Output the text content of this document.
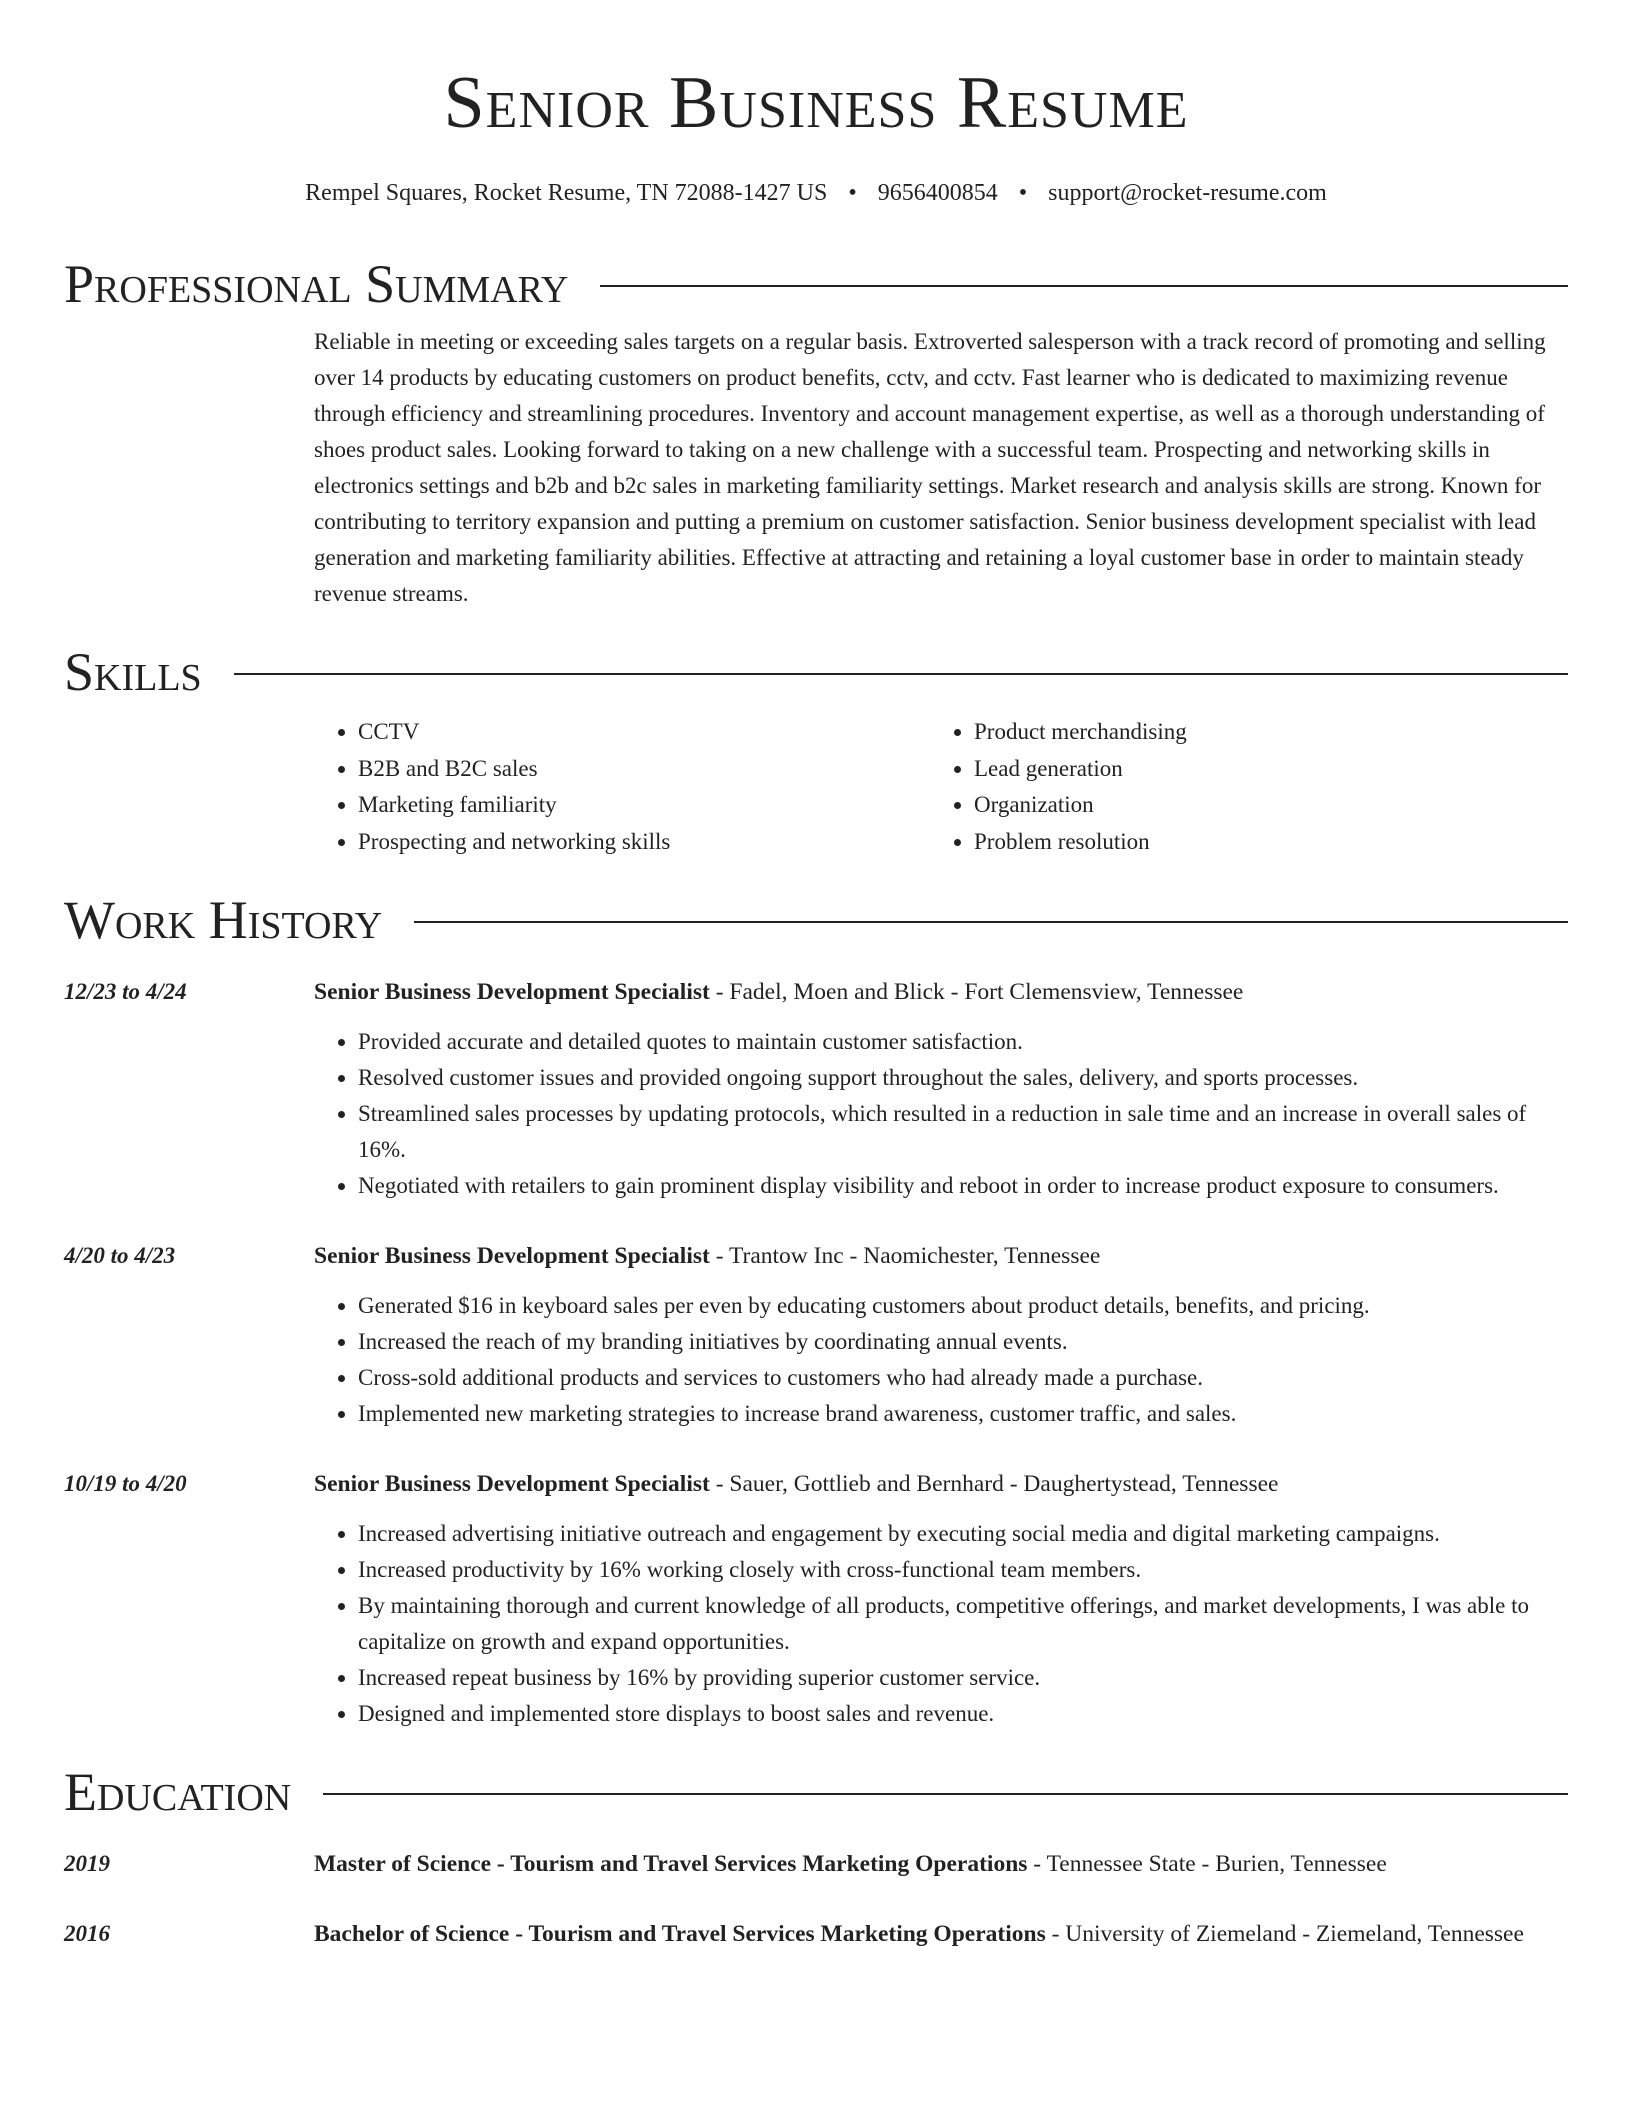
Senior Business Resume
Rempel Squares, Rocket Resume, TN 72088-1427 US • 9656400854 • support@rocket-resume.com
Professional Summary
Reliable in meeting or exceeding sales targets on a regular basis. Extroverted salesperson with a track record of promoting and selling over 14 products by educating customers on product benefits, cctv, and cctv. Fast learner who is dedicated to maximizing revenue through efficiency and streamlining procedures. Inventory and account management expertise, as well as a thorough understanding of shoes product sales. Looking forward to taking on a new challenge with a successful team. Prospecting and networking skills in electronics settings and b2b and b2c sales in marketing familiarity settings. Market research and analysis skills are strong. Known for contributing to territory expansion and putting a premium on customer satisfaction. Senior business development specialist with lead generation and marketing familiarity abilities. Effective at attracting and retaining a loyal customer base in order to maintain steady revenue streams.
Skills
• CCTV
• B2B and B2C sales
• Marketing familiarity
• Prospecting and networking skills
• Product merchandising
• Lead generation
• Organization
• Problem resolution
Work History
12/23 to 4/24	Senior Business Development Specialist - Fadel, Moen and Blick - Fort Clemensview, Tennessee
• Provided accurate and detailed quotes to maintain customer satisfaction.
• Resolved customer issues and provided ongoing support throughout the sales, delivery, and sports processes.
• Streamlined sales processes by updating protocols, which resulted in a reduction in sale time and an increase in overall sales of 16%.
• Negotiated with retailers to gain prominent display visibility and reboot in order to increase product exposure to consumers.
4/20 to 4/23	Senior Business Development Specialist - Trantow Inc - Naomichester, Tennessee
• Generated $16 in keyboard sales per even by educating customers about product details, benefits, and pricing.
• Increased the reach of my branding initiatives by coordinating annual events.
• Cross-sold additional products and services to customers who had already made a purchase.
• Implemented new marketing strategies to increase brand awareness, customer traffic, and sales.
10/19 to 4/20	Senior Business Development Specialist - Sauer, Gottlieb and Bernhard - Daughertystead, Tennessee
• Increased advertising initiative outreach and engagement by executing social media and digital marketing campaigns.
• Increased productivity by 16% working closely with cross-functional team members.
• By maintaining thorough and current knowledge of all products, competitive offerings, and market developments, I was able to capitalize on growth and expand opportunities.
• Increased repeat business by 16% by providing superior customer service.
• Designed and implemented store displays to boost sales and revenue.
Education
2019	Master of Science - Tourism and Travel Services Marketing Operations - Tennessee State - Burien, Tennessee
2016	Bachelor of Science - Tourism and Travel Services Marketing Operations - University of Ziemeland - Ziemeland, Tennessee
